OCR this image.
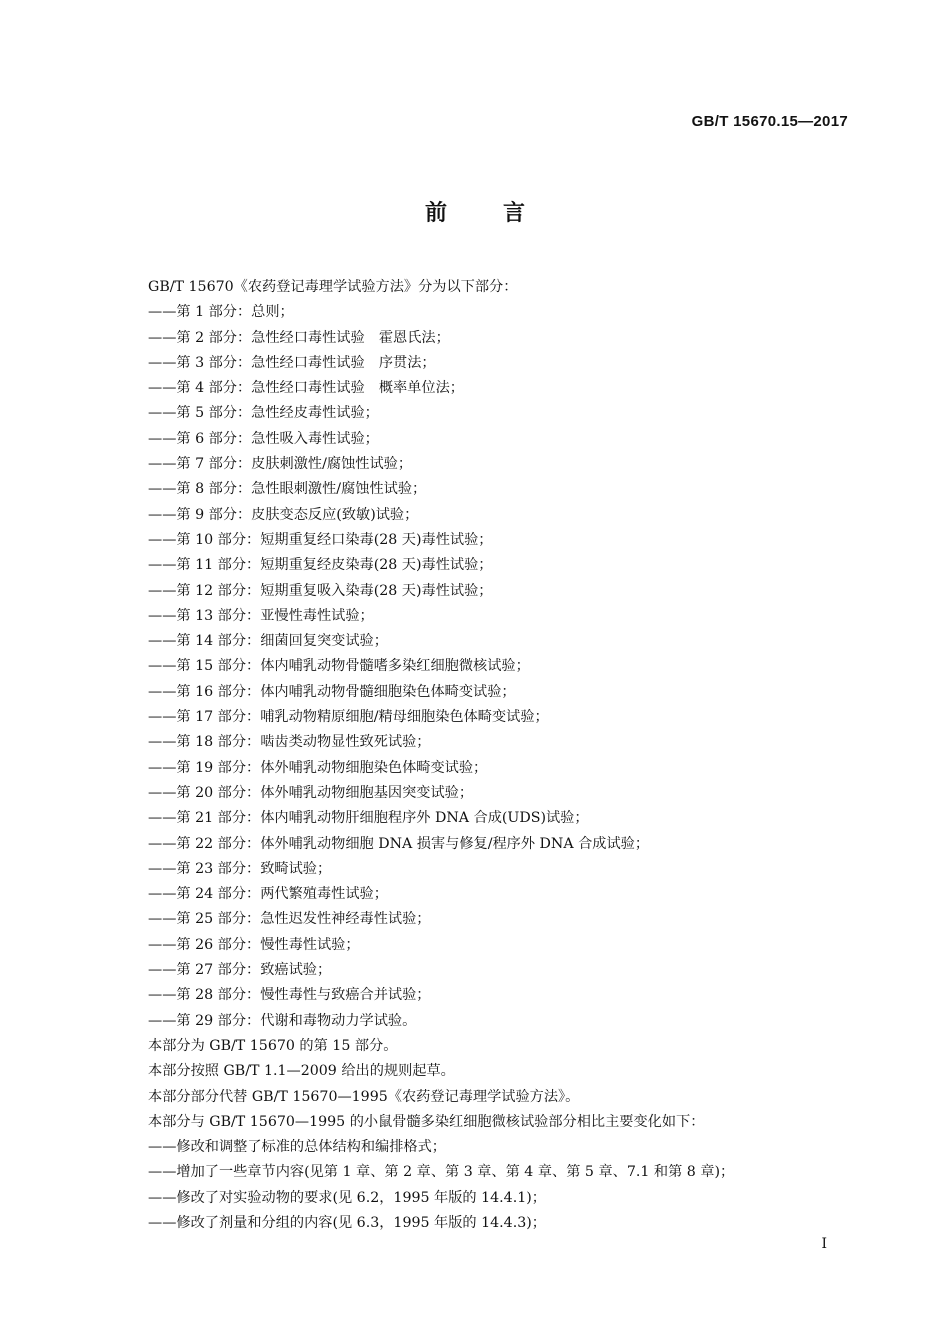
GB/T 15670.15—2017
前言
GB/T 15670《农药登记毒理学试验方法》分为以下部分：
——第 1 部分：总则；
——第 2 部分：急性经口毒性试验　霍恩氏法；
——第 3 部分：急性经口毒性试验　序贯法；
——第 4 部分：急性经口毒性试验　概率单位法；
——第 5 部分：急性经皮毒性试验；
——第 6 部分：急性吸入毒性试验；
——第 7 部分：皮肤刺激性/腐蚀性试验；
——第 8 部分：急性眼刺激性/腐蚀性试验；
——第 9 部分：皮肤变态反应(致敏)试验；
——第 10 部分：短期重复经口染毒(28 天)毒性试验；
——第 11 部分：短期重复经皮染毒(28 天)毒性试验；
——第 12 部分：短期重复吸入染毒(28 天)毒性试验；
——第 13 部分：亚慢性毒性试验；
——第 14 部分：细菌回复突变试验；
——第 15 部分：体内哺乳动物骨髓嗜多染红细胞微核试验；
——第 16 部分：体内哺乳动物骨髓细胞染色体畸变试验；
——第 17 部分：哺乳动物精原细胞/精母细胞染色体畸变试验；
——第 18 部分：啮齿类动物显性致死试验；
——第 19 部分：体外哺乳动物细胞染色体畸变试验；
——第 20 部分：体外哺乳动物细胞基因突变试验；
——第 21 部分：体内哺乳动物肝细胞程序外 DNA 合成(UDS)试验；
——第 22 部分：体外哺乳动物细胞 DNA 损害与修复/程序外 DNA 合成试验；
——第 23 部分：致畸试验；
——第 24 部分：两代繁殖毒性试验；
——第 25 部分：急性迟发性神经毒性试验；
——第 26 部分：慢性毒性试验；
——第 27 部分：致癌试验；
——第 28 部分：慢性毒性与致癌合并试验；
——第 29 部分：代谢和毒物动力学试验。
本部分为 GB/T 15670 的第 15 部分。
本部分按照 GB/T 1.1—2009 给出的规则起草。
本部分部分代替 GB/T 15670—1995《农药登记毒理学试验方法》。
本部分与 GB/T 15670—1995 的小鼠骨髓多染红细胞微核试验部分相比主要变化如下：
——修改和调整了标准的总体结构和编排格式；
——增加了一些章节内容(见第 1 章、第 2 章、第 3 章、第 4 章、第 5 章、7.1 和第 8 章)；
——修改了对实验动物的要求(见 6.2，1995 年版的 14.4.1)；
——修改了剂量和分组的内容(见 6.3，1995 年版的 14.4.3)；
I
